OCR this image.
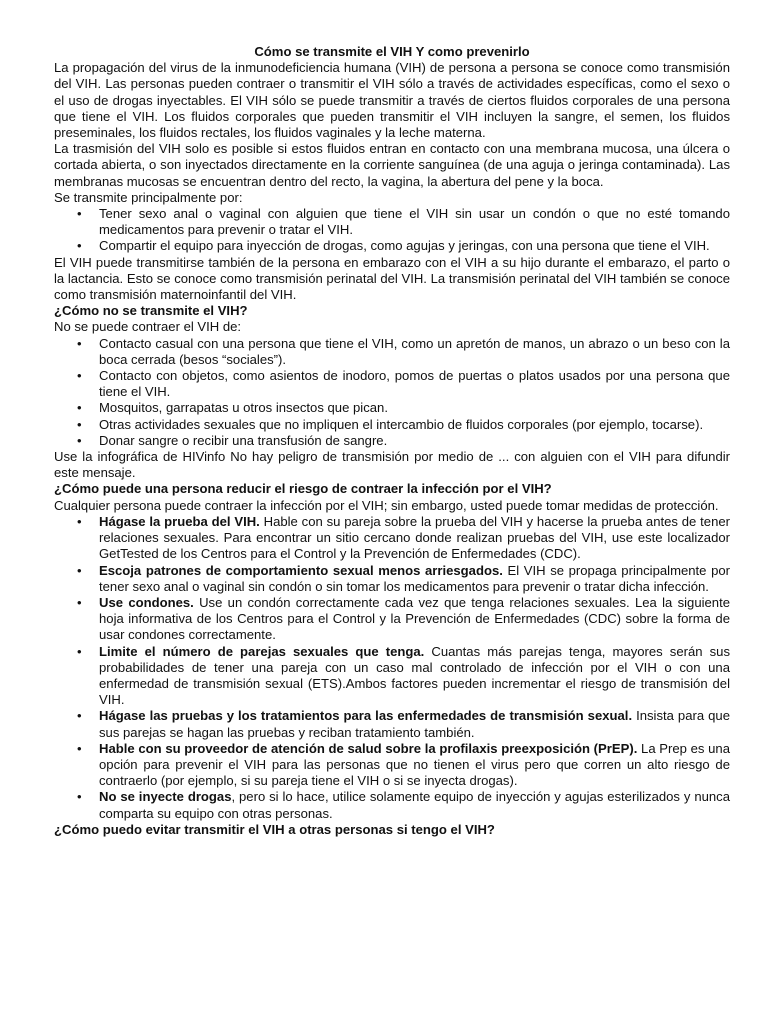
Cómo se transmite el VIH Y como prevenirlo

La propagación del virus de la inmunodeficiencia humana (VIH) de persona a persona se conoce como transmisión del VIH. Las personas pueden contraer o transmitir el VIH sólo a través de actividades específicas, como el sexo o el uso de drogas inyectables. El VIH sólo se puede transmitir a través de ciertos fluidos corporales de una persona que tiene el VIH. Los fluidos corporales que pueden transmitir el VIH incluyen la sangre, el semen, los fluidos preseminales, los fluidos rectales, los fluidos vaginales y la leche materna.

La trasmisión del VIH solo es posible si estos fluidos entran en contacto con una membrana mucosa, una úlcera o cortada abierta, o son inyectados directamente en la corriente sanguínea (de una aguja o jeringa contaminada). Las membranas mucosas se encuentran dentro del recto, la vagina, la abertura del pene y la boca.

Se transmite principalmente por:

• Tener sexo anal o vaginal con alguien que tiene el VIH sin usar un condón o que no esté tomando medicamentos para prevenir o tratar el VIH.
• Compartir el equipo para inyección de drogas, como agujas y jeringas, con una persona que tiene el VIH.

El VIH puede transmitirse también de la persona en embarazo con el VIH a su hijo durante el embarazo, el parto o la lactancia. Esto se conoce como transmisión perinatal del VIH. La transmisión perinatal del VIH también se conoce como transmisión maternoinfantil del VIH.

¿Cómo no se transmite el VIH?

No se puede contraer el VIH de:

• Contacto casual con una persona que tiene el VIH, como un apretón de manos, un abrazo o un beso con la boca cerrada (besos “sociales”).
• Contacto con objetos, como asientos de inodoro, pomos de puertas o platos usados por una persona que tiene el VIH.
• Mosquitos, garrapatas u otros insectos que pican.
• Otras actividades sexuales que no impliquen el intercambio de fluidos corporales (por ejemplo, tocarse).
• Donar sangre o recibir una transfusión de sangre.

Use la infográfica de HIVinfo No hay peligro de transmisión por medio de ... con alguien con el VIH para difundir este mensaje.

¿Cómo puede una persona reducir el riesgo de contraer la infección por el VIH?

Cualquier persona puede contraer la infección por el VIH; sin embargo, usted puede tomar medidas de protección.

• Hágase la prueba del VIH. Hable con su pareja sobre la prueba del VIH y hacerse la prueba antes de tener relaciones sexuales. Para encontrar un sitio cercano donde realizan pruebas del VIH, use este localizador GetTested de los Centros para el Control y la Prevención de Enfermedades (CDC).
• Escoja patrones de comportamiento sexual menos arriesgados. El VIH se propaga principalmente por tener sexo anal o vaginal sin condón o sin tomar los medicamentos para prevenir o tratar dicha infección.
• Use condones. Use un condón correctamente cada vez que tenga relaciones sexuales. Lea la siguiente hoja informativa de los Centros para el Control y la Prevención de Enfermedades (CDC) sobre la forma de usar condones correctamente.
• Limite el número de parejas sexuales que tenga. Cuantas más parejas tenga, mayores serán sus probabilidades de tener una pareja con un caso mal controlado de infección por el VIH o con una enfermedad de transmisión sexual (ETS).Ambos factores pueden incrementar el riesgo de transmisión del VIH.
• Hágase las pruebas y los tratamientos para las enfermedades de transmisión sexual. Insista para que sus parejas se hagan las pruebas y reciban tratamiento también.
• Hable con su proveedor de atención de salud sobre la profilaxis preexposición (PrEP). La Prep es una opción para prevenir el VIH para las personas que no tienen el virus pero que corren un alto riesgo de contraerlo (por ejemplo, si su pareja tiene el VIH o si se inyecta drogas).
• No se inyecte drogas, pero si lo hace, utilice solamente equipo de inyección y agujas esterilizados y nunca comparta su equipo con otras personas.

¿Cómo puedo evitar transmitir el VIH a otras personas si tengo el VIH?
